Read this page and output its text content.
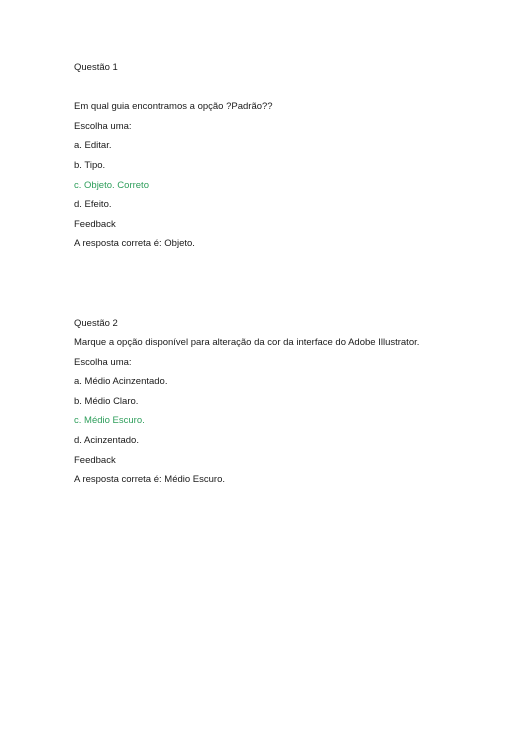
Questão 1
Em qual guia encontramos a opção ?Padrão??
Escolha uma:
a. Editar.
b. Tipo.
c. Objeto. Correto
d. Efeito.
Feedback
A resposta correta é: Objeto.
Questão 2
Marque a opção disponível para alteração da cor da interface do Adobe Illustrator.
Escolha uma:
a. Médio Acinzentado.
b. Médio Claro.
c. Médio Escuro.
d. Acinzentado.
Feedback
A resposta correta é: Médio Escuro.
